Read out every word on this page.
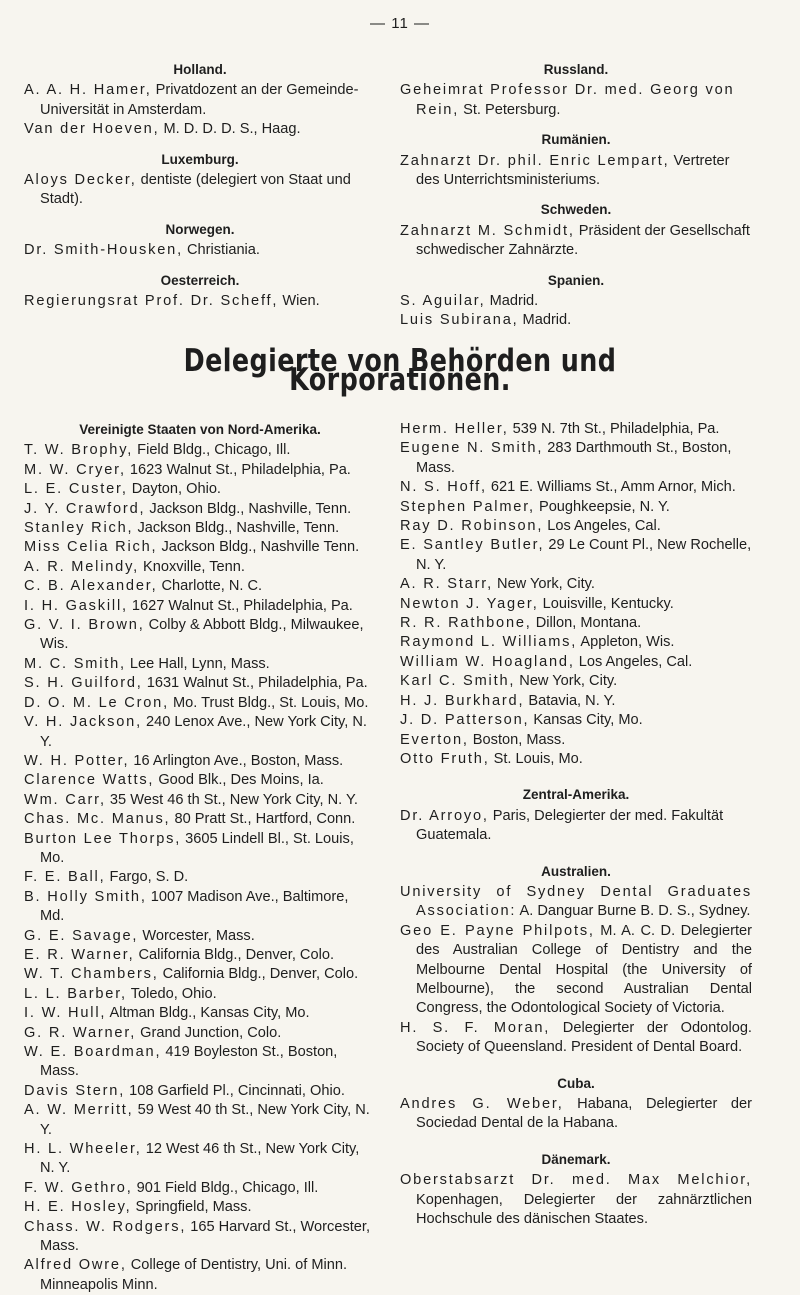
— 11 —
Holland.

A. A. H. Hamer, Privatdozent an der Gemeinde-Universität in Amsterdam.

Van der Hoeven, M. D. D. D. S., Haag.

Luxemburg.

Aloys Decker, dentiste (delegiert von Staat und Stadt).

Norwegen.

Dr. Smith-Housken, Christiania.

Oesterreich.

Regierungsrat Prof. Dr. Scheff, Wien.

Russland.

Geheimrat Professor Dr. med. Georg von Rein, St. Petersburg.

Rumänien.

Zahnarzt Dr. phil. Enric Lempart, Vertreter des Unterrichtsministeriums.

Schweden.

Zahnarzt M. Schmidt, Präsident der Gesellschaft schwedischer Zahnärzte.

Spanien.

S. Aguilar, Madrid.

Luis Subirana, Madrid.

Delegierte von Behörden und Korporationen.
Vereinigte Staaten von Nord-Amerika.

T. W. Brophy, Field Bldg., Chicago, Ill.

M. W. Cryer, 1623 Walnut St., Philadelphia, Pa.

L. E. Custer, Dayton, Ohio.

J. Y. Crawford, Jackson Bldg., Nashville, Tenn.

Stanley Rich, Jackson Bldg., Nashville, Tenn.

Miss Celia Rich, Jackson Bldg., Nashville Tenn.

A. R. Melindy, Knoxville, Tenn.

C. B. Alexander, Charlotte, N. C.

I. H. Gaskill, 1627 Walnut St., Philadelphia, Pa.

G. V. I. Brown, Colby & Abbott Bldg., Milwaukee, Wis.

M. C. Smith, Lee Hall, Lynn, Mass.

S. H. Guilford, 1631 Walnut St., Philadelphia, Pa.

D. O. M. Le Cron, Mo. Trust Bldg., St. Louis, Mo.

V. H. Jackson, 240 Lenox Ave., New York City, N. Y.

W. H. Potter, 16 Arlington Ave., Boston, Mass.

Clarence Watts, Good Blk., Des Moins, Ia.

Wm. Carr, 35 West 46 th St., New York City, N. Y.

Chas. Mc. Manus, 80 Pratt St., Hartford, Conn.

Burton Lee Thorps, 3605 Lindell Bl., St. Louis, Mo.

F. E. Ball, Fargo, S. D.

B. Holly Smith, 1007 Madison Ave., Baltimore, Md.

G. E. Savage, Worcester, Mass.

E. R. Warner, California Bldg., Denver, Colo.

W. T. Chambers, California Bldg., Denver, Colo.

L. L. Barber, Toledo, Ohio.

I. W. Hull, Altman Bldg., Kansas City, Mo.

G. R. Warner, Grand Junction, Colo.

W. E. Boardman, 419 Boyleston St., Boston, Mass.

Davis Stern, 108 Garfield Pl., Cincinnati, Ohio.

A. W. Merritt, 59 West 40 th St., New York City, N. Y.

H. L. Wheeler, 12 West 46 th St., New York City, N. Y.

F. W. Gethro, 901 Field Bldg., Chicago, Ill.

H. E. Hosley, Springfield, Mass.

Chass. W. Rodgers, 165 Harvard St., Worcester, Mass.

Alfred Owre, College of Dentistry, Uni. of Minn. Minneapolis Minn.

Herm. Heller, 539 N. 7th St., Philadelphia, Pa.

Eugene N. Smith, 283 Darthmouth St., Boston, Mass.

N. S. Hoff, 621 E. Williams St., Amm Arnor, Mich.

Stephen Palmer, Poughkeepsie, N. Y.

Ray D. Robinson, Los Angeles, Cal.

E. Santley Butler, 29 Le Count Pl., New Rochelle, N. Y.

A. R. Starr, New York, City.

Newton J. Yager, Louisville, Kentucky.

R. R. Rathbone, Dillon, Montana.

Raymond L. Williams, Appleton, Wis.

William W. Hoagland, Los Angeles, Cal.

Karl C. Smith, New York, City.

H. J. Burkhard, Batavia, N. Y.

J. D. Patterson, Kansas City, Mo.

Everton, Boston, Mass.

Otto Fruth, St. Louis, Mo.

Zentral-Amerika.

Dr. Arroyo, Paris, Delegierter der med. Fakultät Guatemala.

Australien.

University of Sydney Dental Graduates Association: A. Danguar Burne B. D. S., Sydney.

Geo E. Payne Philpots, M. A. C. D. Delegierter des Australian College of Dentistry and the Melbourne Dental Hospital (the University of Melbourne), the second Australian Dental Congress, the Odontological Society of Victoria.

H. S. F. Moran, Delegierter der Odontolog. Society of Queensland. President of Dental Board.

Cuba.

Andres G. Weber, Habana, Delegierter der Sociedad Dental de la Habana.

Dänemark.

Oberstabsarzt Dr. med. Max Melchior, Kopenhagen, Delegierter der zahnärztlichen Hochschule des dänischen Staates.
